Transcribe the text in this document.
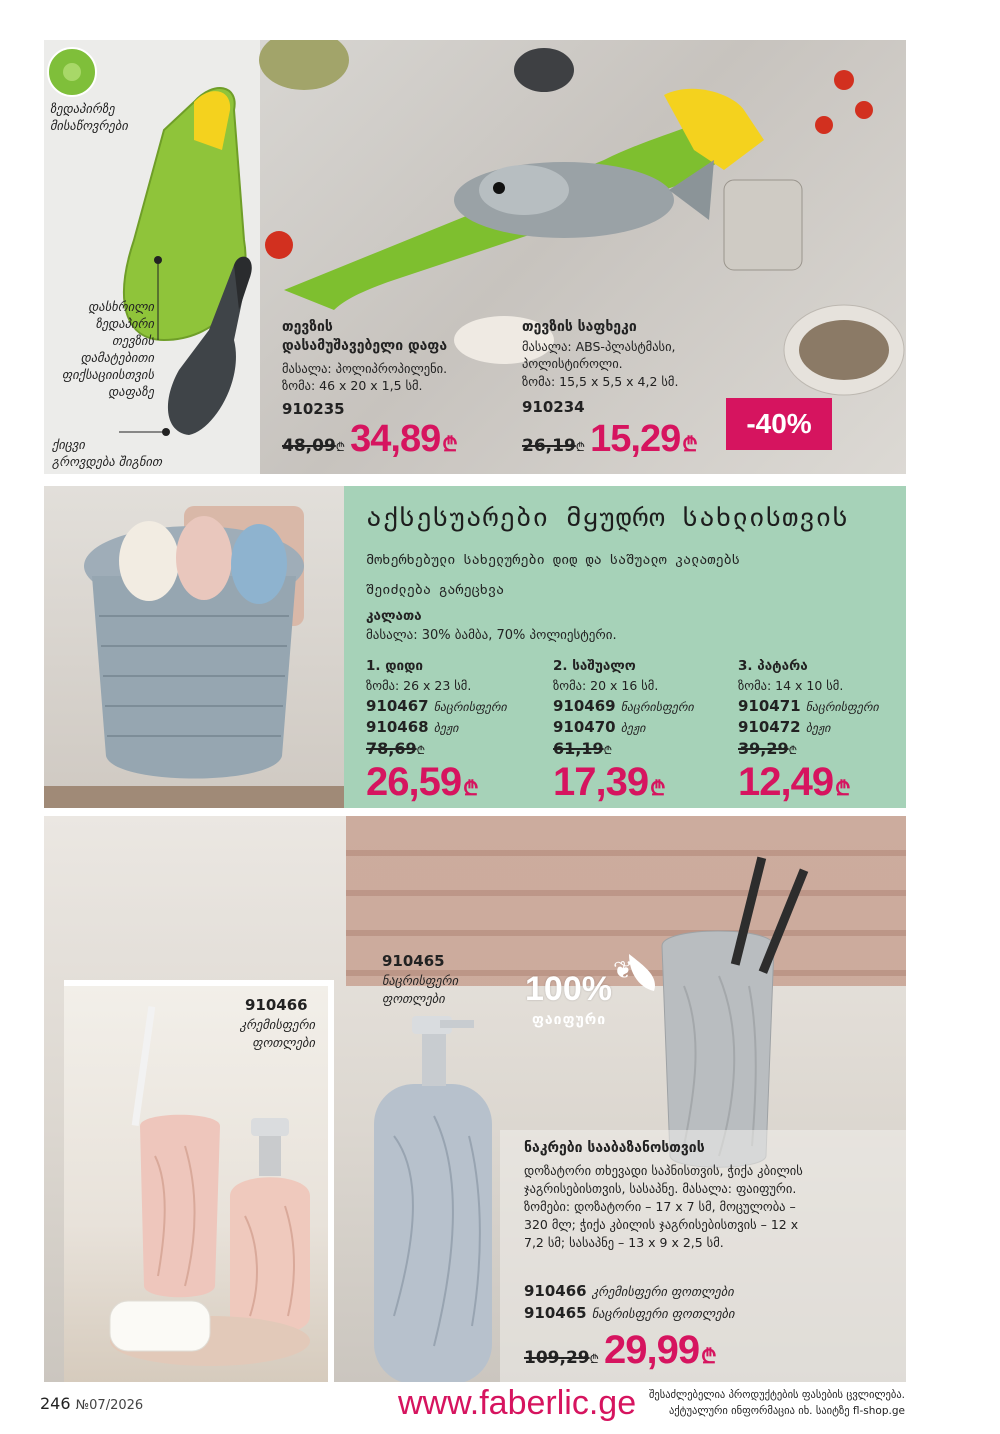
ზედაპირზე
მისაწოვრები
დასხრილი
ზედაპირი
თევზის
დამატებითი
ფიქსაციისთვის
დაფაზე
ქიცვი
გროვდება შიგნით
თევზის
დასამუშავებელი დაფა
მასალა: პოლიპროპილენი.
ზომა: 46 x 20 x 1,5 სმ.
910235
48,09₾ 34,89 ₾
თევზის საფხეკი
მასალა: ABS-პლასტმასი,
პოლისტიროლი.
ზომა: 15,5 x 5,5 x 4,2 სმ.
910234
26,19₾ 15,29 ₾
-40%
აქსესუარები მყუდრო სახლისთვის
მოხერხებული სახელურები დიდ და საშუალო კალათებს
შეიძლება გარეცხვა
კალათა
მასალა: 30% ბამბა, 70% პოლიესტერი.
1. დიდი
ზომა: 26 x 23 სმ.
910467 ნაცრისფერი
910468 ბეჟი
78,69₾
26,59 ₾
2. საშუალო
ზომა: 20 x 16 სმ.
910469 ნაცრისფერი
910470 ბეჟი
61,19₾
17,39 ₾
3. პატარა
ზომა: 14 x 10 სმ.
910471 ნაცრისფერი
910472 ბეჟი
39,29₾
12,49 ₾
910465
ნაცრისფერი
ფოთლები
910466
კრემისფერი
ფოთლები
100%
ფაიფური
❦
ნაკრები სააბაზანოსთვის
დოზატორი თხევადი საპნისთვის, ჭიქა კბილის ჯაგრისებისთვის, სასაპნე. მასალა: ფაიფური. ზომები: დოზატორი – 17 x 7 სმ, მოცულობა – 320 მლ; ჭიქა კბილის ჯაგრისებისთვის – 12 x 7,2 სმ; სასაპნე – 13 x 9 x 2,5 სმ.
910466 კრემისფერი ფოთლები
910465 ნაცრისფერი ფოთლები
109,29₾ 29,99 ₾
246 №07/2026	www.faberlic.ge	შესაძლებელია პროდუქტების ფასების ცვლილება.
აქტუალური ინფორმაცია იხ. საიტზე fl-shop.ge
